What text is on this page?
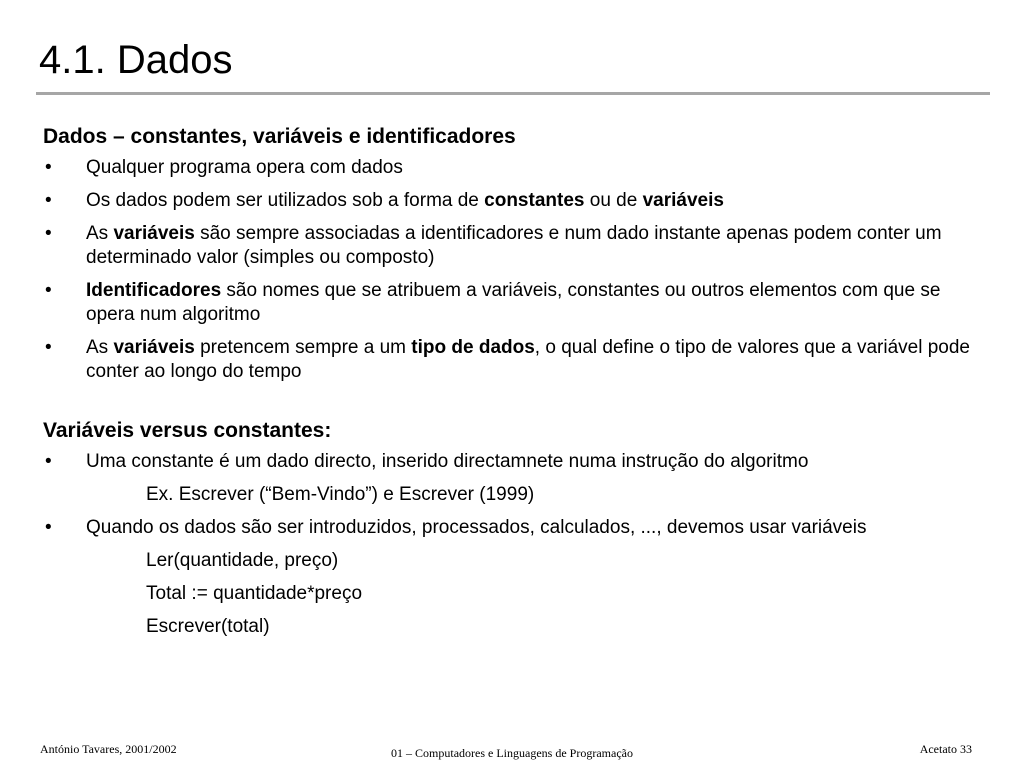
4.1. Dados
Dados – constantes, variáveis e identificadores
• Qualquer programa opera com dados
• Os dados podem ser utilizados sob a forma de constantes ou de variáveis
• As variáveis são sempre associadas a identificadores e num dado instante apenas podem conter um determinado valor (simples ou composto)
• Identificadores são nomes que se atribuem a variáveis, constantes ou outros elementos com que se opera num algoritmo
• As variáveis pretencem sempre a um tipo de dados, o qual define o tipo de valores que a variável pode conter ao longo do tempo
Variáveis versus constantes:
• Uma constante é um dado directo, inserido directamnete numa instrução do algoritmo
Ex. Escrever (“Bem-Vindo”) e Escrever (1999)
• Quando os dados são ser introduzidos, processados, calculados, ..., devemos usar variáveis
Ler(quantidade, preço)
Total := quantidade*preço
Escrever(total)
António Tavares, 2001/2002	01 – Computadores e Linguagens de Programação	Acetato 33
